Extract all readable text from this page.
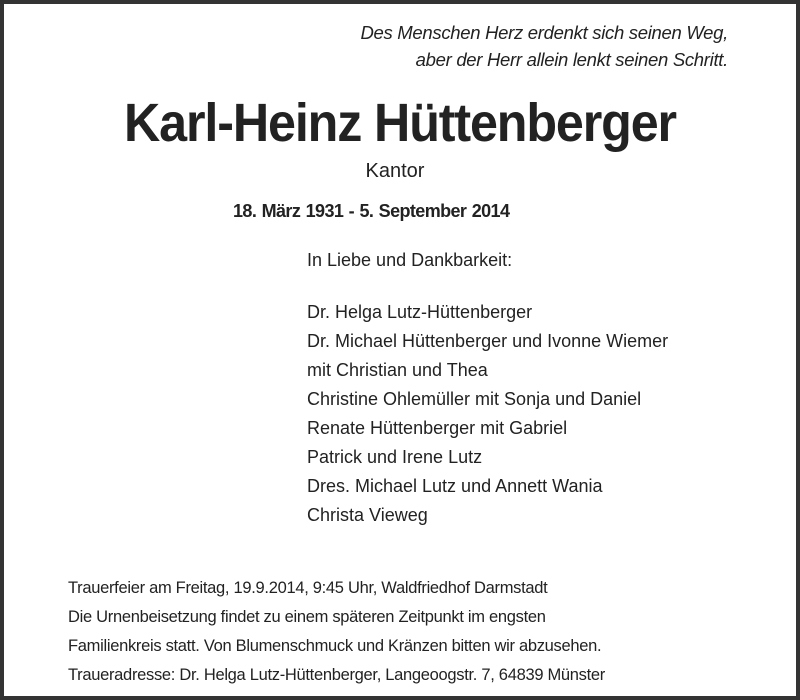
Des Menschen Herz erdenkt sich seinen Weg,
aber der Herr allein lenkt seinen Schritt.
Karl-Heinz Hüttenberger
Kantor
18. März 1931 - 5. September 2014
In Liebe und Dankbarkeit:
Dr. Helga Lutz-Hüttenberger
Dr. Michael Hüttenberger und Ivonne Wiemer
mit Christian und Thea
Christine Ohlemüller mit Sonja und Daniel
Renate Hüttenberger mit Gabriel
Patrick und Irene Lutz
Dres. Michael Lutz und Annett Wania
Christa Vieweg
Trauerfeier am Freitag, 19.9.2014, 9:45 Uhr, Waldfriedhof Darmstadt
Die Urnenbeisetzung findet zu einem späteren Zeitpunkt im engsten
Familienkreis statt. Von Blumenschmuck und Kränzen bitten wir abzusehen.
Traueradresse: Dr. Helga Lutz-Hüttenberger, Langeoogstr. 7, 64839 Münster
